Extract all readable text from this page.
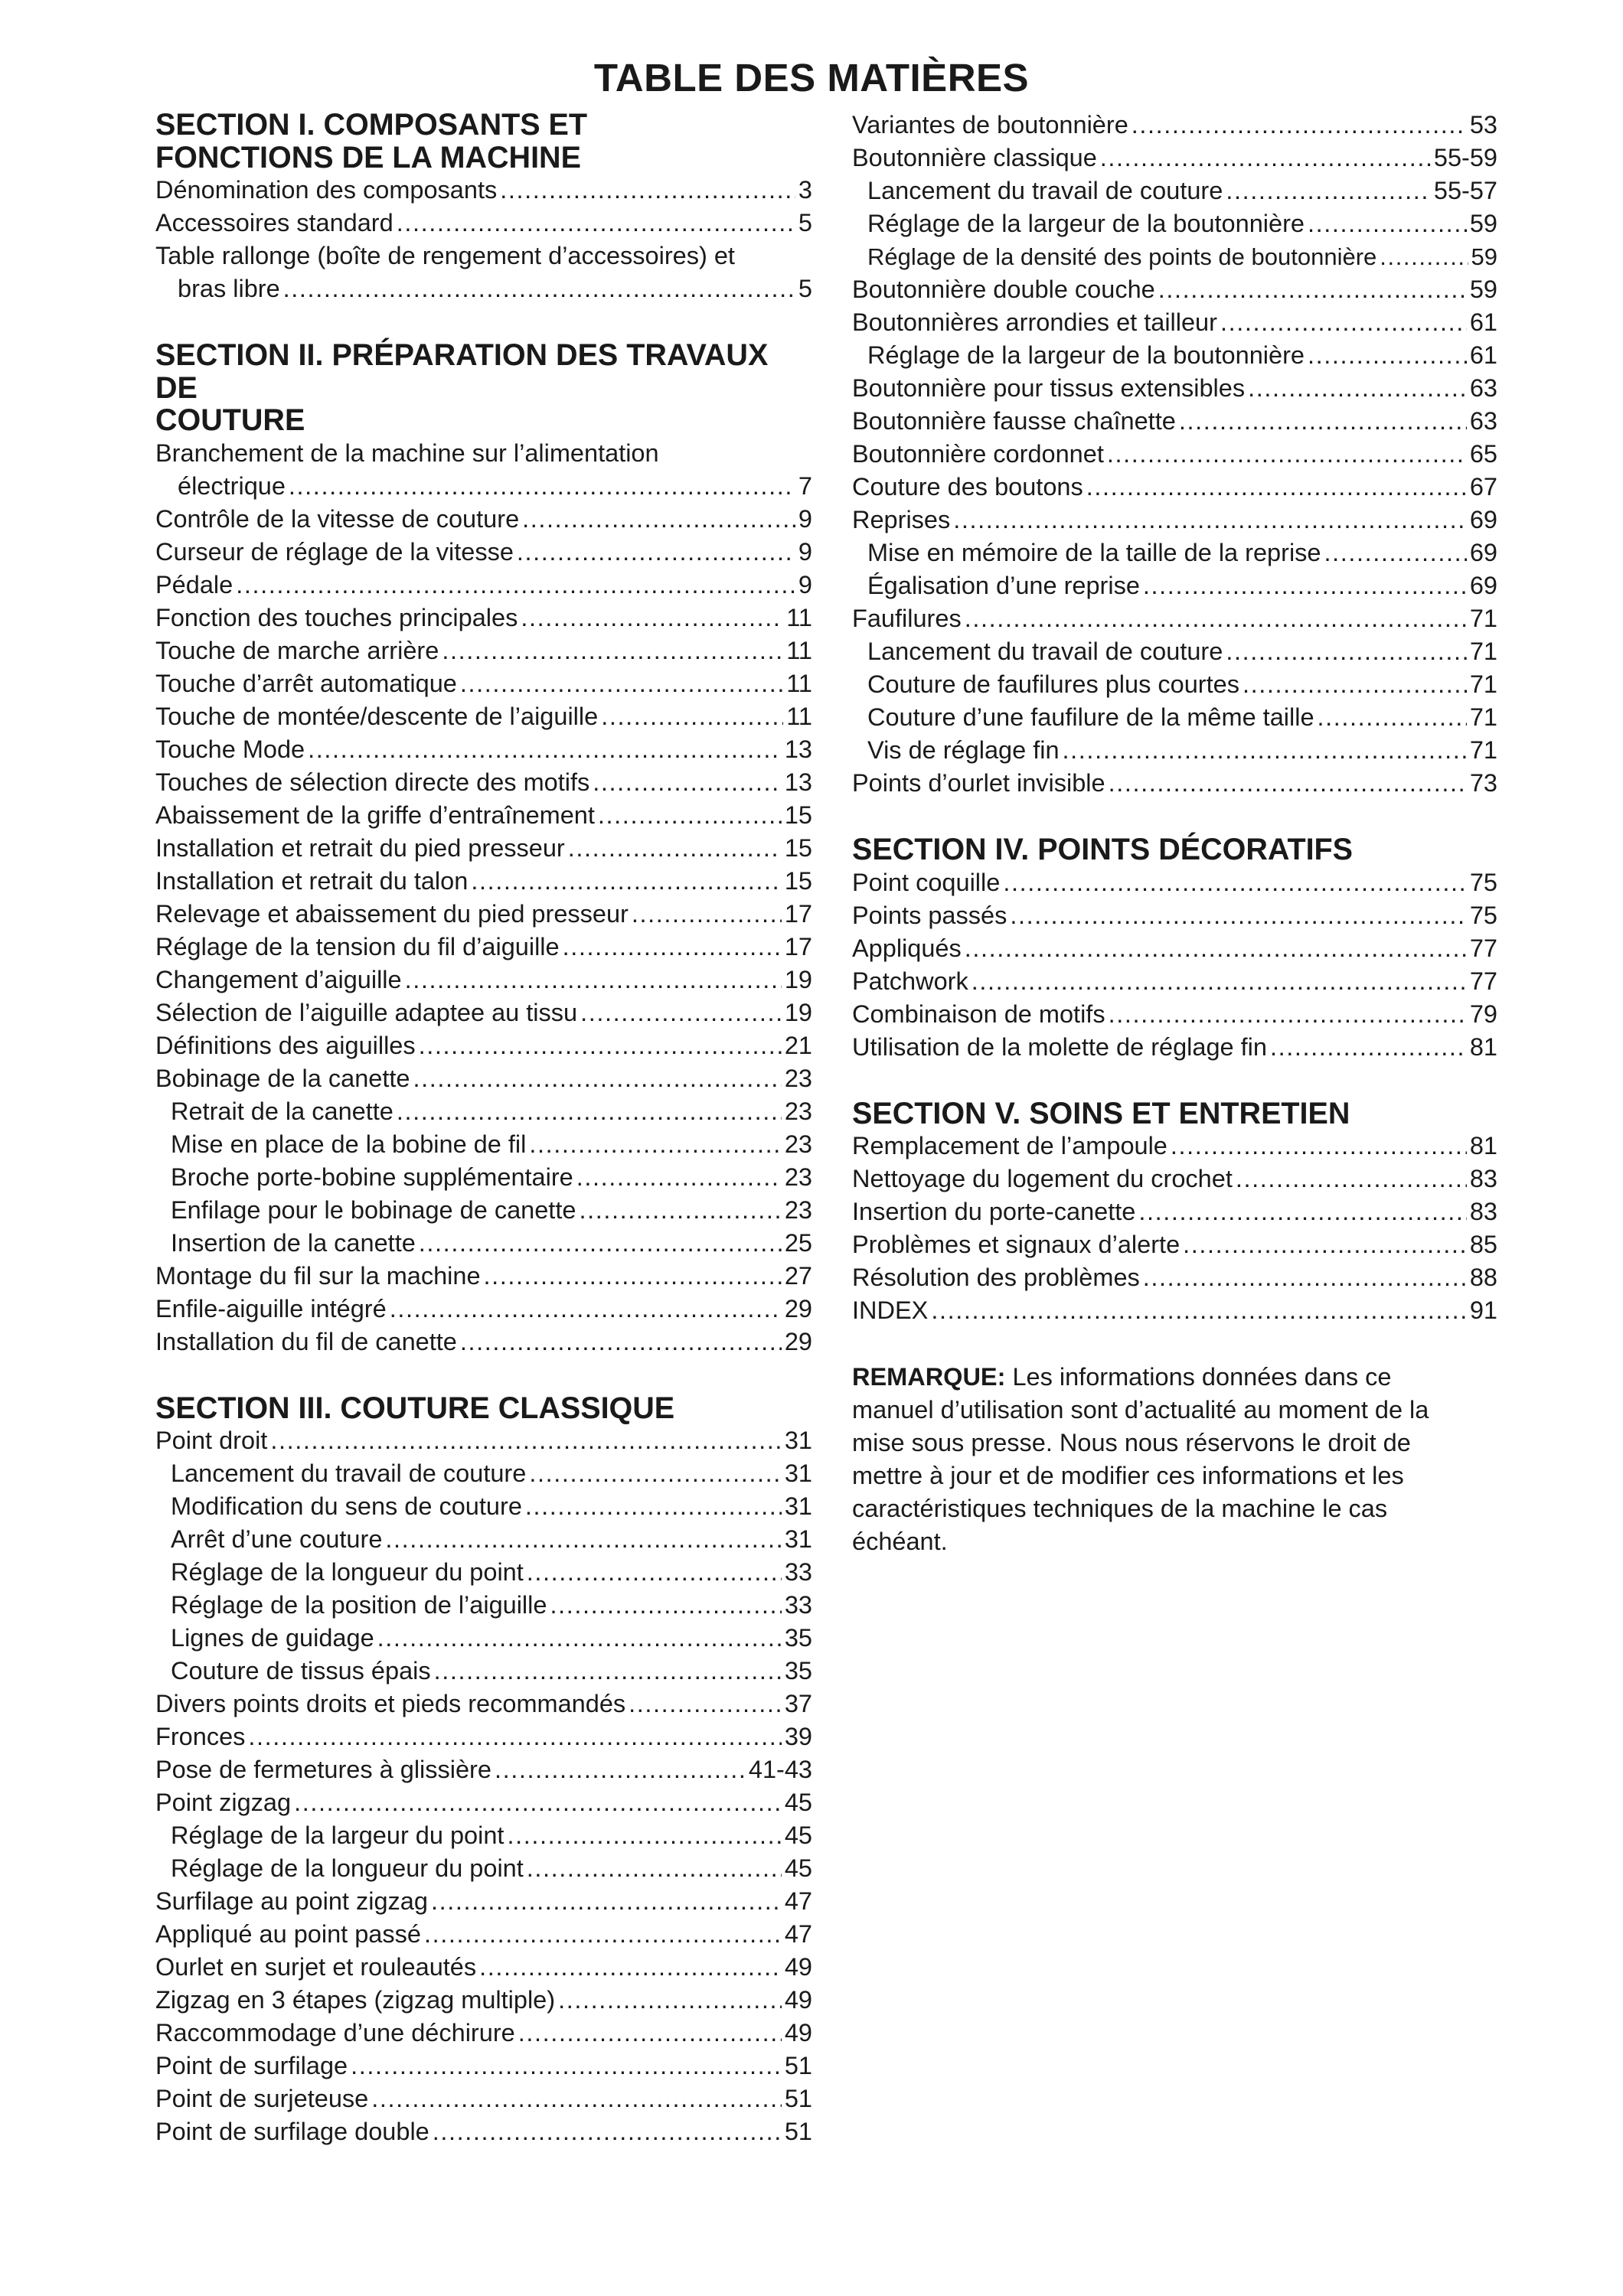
TABLE DES MATIÈRES
SECTION I. COMPOSANTS ET
FONCTIONS DE LA MACHINE
Dénomination des composants .....	3
Accessoires standard .....	5
Table rallonge (boîte de rengement d’accessoires) et
bras libre .....	5
SECTION II. PRÉPARATION DES TRAVAUX DE
COUTURE
Branchement de la machine sur l’alimentation
électrique .....	7
Contrôle de la vitesse de couture .....	9
Curseur de réglage de la vitesse .....	9
Pédale .....	9
Fonction des touches principales .....	11
Touche de marche arrière .....	11
Touche d’arrêt automatique .....	11
Touche de montée/descente de l’aiguille .....	11
Touche Mode .....	13
Touches de sélection directe des motifs .....	13
Abaissement de la griffe d’entraînement .....	15
Installation et retrait du pied presseur .....	15
Installation et retrait du talon .....	15
Relevage et abaissement du pied presseur .....	17
Réglage de la tension du fil d’aiguille .....	17
Changement d’aiguille .....	19
Sélection de l’aiguille adaptee au tissu .....	19
Définitions des aiguilles .....	21
Bobinage de la canette .....	23
Retrait de la canette .....	23
Mise en place de la bobine de fil .....	23
Broche porte-bobine supplémentaire .....	23
Enfilage pour le bobinage de canette .....	23
Insertion de la canette .....	25
Montage du fil sur la machine .....	27
Enfile-aiguille intégré .....	29
Installation du fil de canette .....	29
SECTION III. COUTURE CLASSIQUE
Point droit .....	31
Lancement du travail de couture .....	31
Modification du sens de couture .....	31
Arrêt d’une couture .....	31
Réglage de la longueur du point .....	33
Réglage de la position de l’aiguille .....	33
Lignes de guidage .....	35
Couture de tissus épais .....	35
Divers points droits et pieds recommandés .....	37
Fronces .....	39
Pose de fermetures à glissière .....	41-43
Point zigzag .....	45
Réglage de la largeur du point .....	45
Réglage de la longueur du point .....	45
Surfilage au point zigzag .....	47
Appliqué au point passé .....	47
Ourlet en surjet et rouleautés .....	49
Zigzag en 3 étapes (zigzag multiple) .....	49
Raccommodage d’une déchirure .....	49
Point de surfilage .....	51
Point de surjeteuse .....	51
Point de surfilage double .....	51
Variantes de boutonnière .....	53
Boutonnière classique .....	55-59
Lancement du travail de couture .....	55-57
Réglage de la largeur de la boutonnière .....	59
Réglage de la densité des points de boutonnière .....	59
Boutonnière double couche .....	59
Boutonnières arrondies et tailleur .....	61
Réglage de la largeur de la boutonnière .....	61
Boutonnière pour tissus extensibles .....	63
Boutonnière fausse chaînette .....	63
Boutonnière cordonnet .....	65
Couture des boutons .....	67
Reprises .....	69
Mise en mémoire de la taille de la reprise .....	69
Égalisation d’une reprise .....	69
Faufilures .....	71
Lancement du travail de couture .....	71
Couture de faufilures plus courtes .....	71
Couture d’une faufilure de la même taille .....	71
Vis de réglage fin .....	71
Points d’ourlet invisible .....	73
SECTION IV. POINTS DÉCORATIFS
Point coquille .....	75
Points passés .....	75
Appliqués .....	77
Patchwork .....	77
Combinaison de motifs .....	79
Utilisation de la molette de réglage fin .....	81
SECTION V. SOINS ET ENTRETIEN
Remplacement de l’ampoule .....	81
Nettoyage du logement du crochet .....	83
Insertion du porte-canette .....	83
Problèmes et signaux d’alerte .....	85
Résolution des problèmes .....	88
INDEX .....	91
REMARQUE: Les informations données dans ce
manuel d’utilisation sont d’actualité au moment de la
mise sous presse. Nous nous réservons le droit de
mettre à jour et de modifier ces informations et les
caractéristiques techniques de la machine le cas
échéant.
